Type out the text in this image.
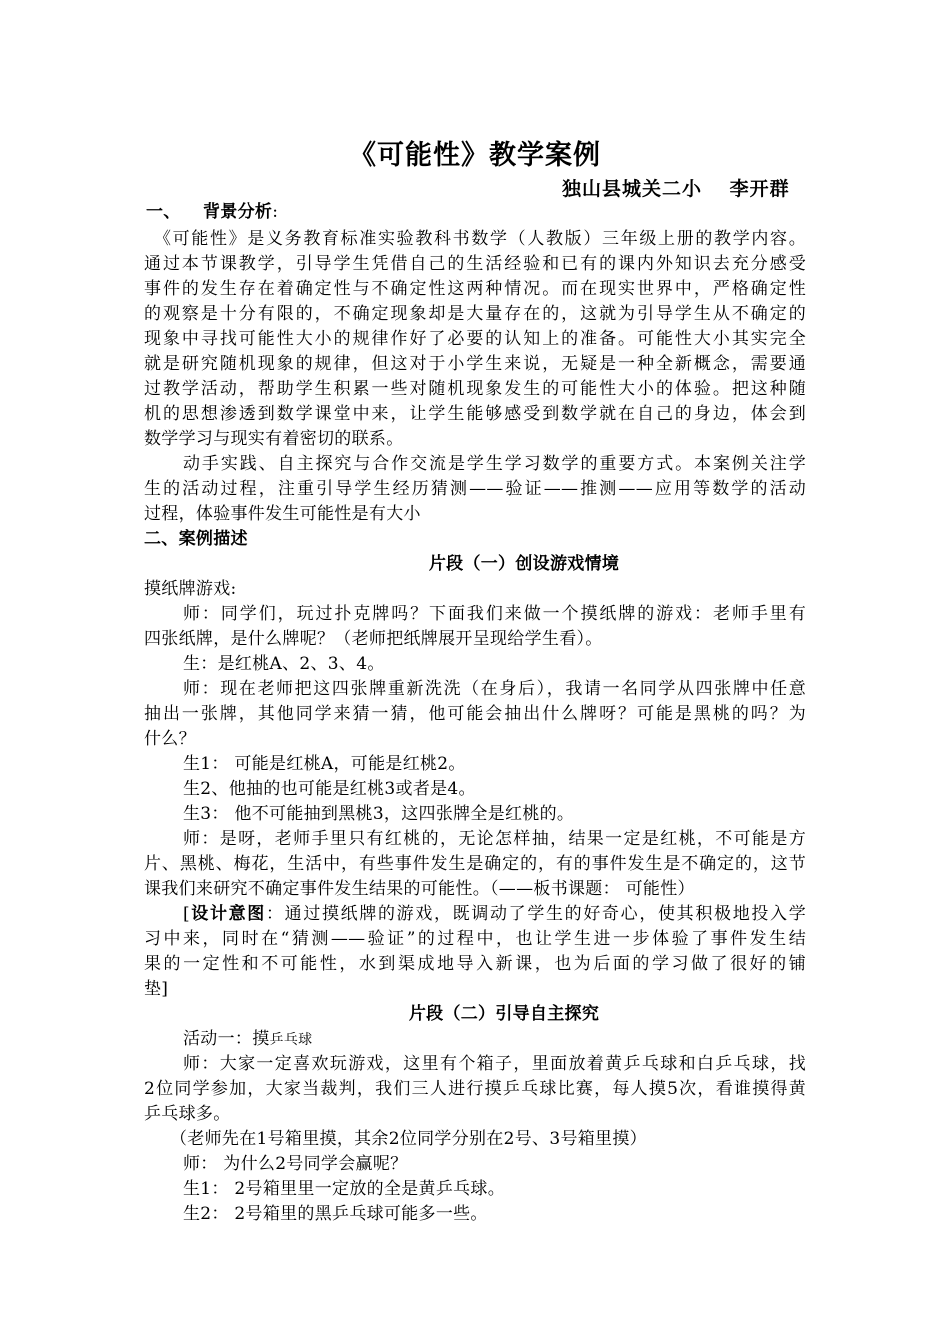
《可能性》教学案例
独山县城关二小　 李开群
一、 背景分析:
《可能性》是义务教育标准实验教科书数学（人教版）三年级上册的教学内容。
通过本节课教学，引导学生凭借自己的生活经验和已有的课内外知识去充分感受
事件的发生存在着确定性与不确定性这两种情况。而在现实世界中，严格确定性
的观察是十分有限的，不确定现象却是大量存在的，这就为引导学生从不确定的
现象中寻找可能性大小的规律作好了必要的认知上的准备。可能性大小其实完全
就是研究随机现象的规律，但这对于小学生来说，无疑是一种全新概念，需要通
过教学活动，帮助学生积累一些对随机现象发生的可能性大小的体验。把这种随
机的思想渗透到数学课堂中来，让学生能够感受到数学就在自己的身边，体会到
数学学习与现实有着密切的联系。
动手实践、自主探究与合作交流是学生学习数学的重要方式。本案例关注学
生的活动过程，注重引导学生经历猜测——验证——推测——应用等数学的活动
过程，体验事件发生可能性是有大小
二、案例描述
片段（一）创设游戏情境
摸纸牌游戏:
师：同学们，玩过扑克牌吗？下面我们来做一个摸纸牌的游戏：老师手里有
四张纸牌，是什么牌呢？（老师把纸牌展开呈现给学生看）。
生：是红桃A、2、3、4。
师：现在老师把这四张牌重新洗洗（在身后），我请一名同学从四张牌中任意
抽出一张牌，其他同学来猜一猜，他可能会抽出什么牌呀？可能是黑桃的吗？为
什么？
生1： 可能是红桃A，可能是红桃2。
生2、他抽的也可能是红桃3或者是4。
生3： 他不可能抽到黑桃3，这四张牌全是红桃的。
师：是呀，老师手里只有红桃的，无论怎样抽，结果一定是红桃，不可能是方
片、黑桃、梅花，生活中，有些事件发生是确定的，有的事件发生是不确定的，这节
课我们来研究不确定事件发生结果的可能性。（——板书课题： 可能性）
[设计意图：通过摸纸牌的游戏，既调动了学生的好奇心，使其积极地投入学
习中来，同时在“猜测——验证”的过程中，也让学生进一步体验了事件发生结
果的一定性和不可能性，水到渠成地导入新课，也为后面的学习做了很好的铺
垫]
片段（二）引导自主探究
活动一：摸乒乓球
师：大家一定喜欢玩游戏，这里有个箱子，里面放着黄乒乓球和白乒乓球，找
2位同学参加，大家当裁判，我们三人进行摸乒乓球比赛，每人摸5次，看谁摸得黄
乒乓球多。
（老师先在1号箱里摸，其余2位同学分别在2号、3号箱里摸）
师： 为什么2号同学会赢呢？
生1： 2号箱里里一定放的全是黄乒乓球。
生2： 2号箱里的黑乒乓球可能多一些。
